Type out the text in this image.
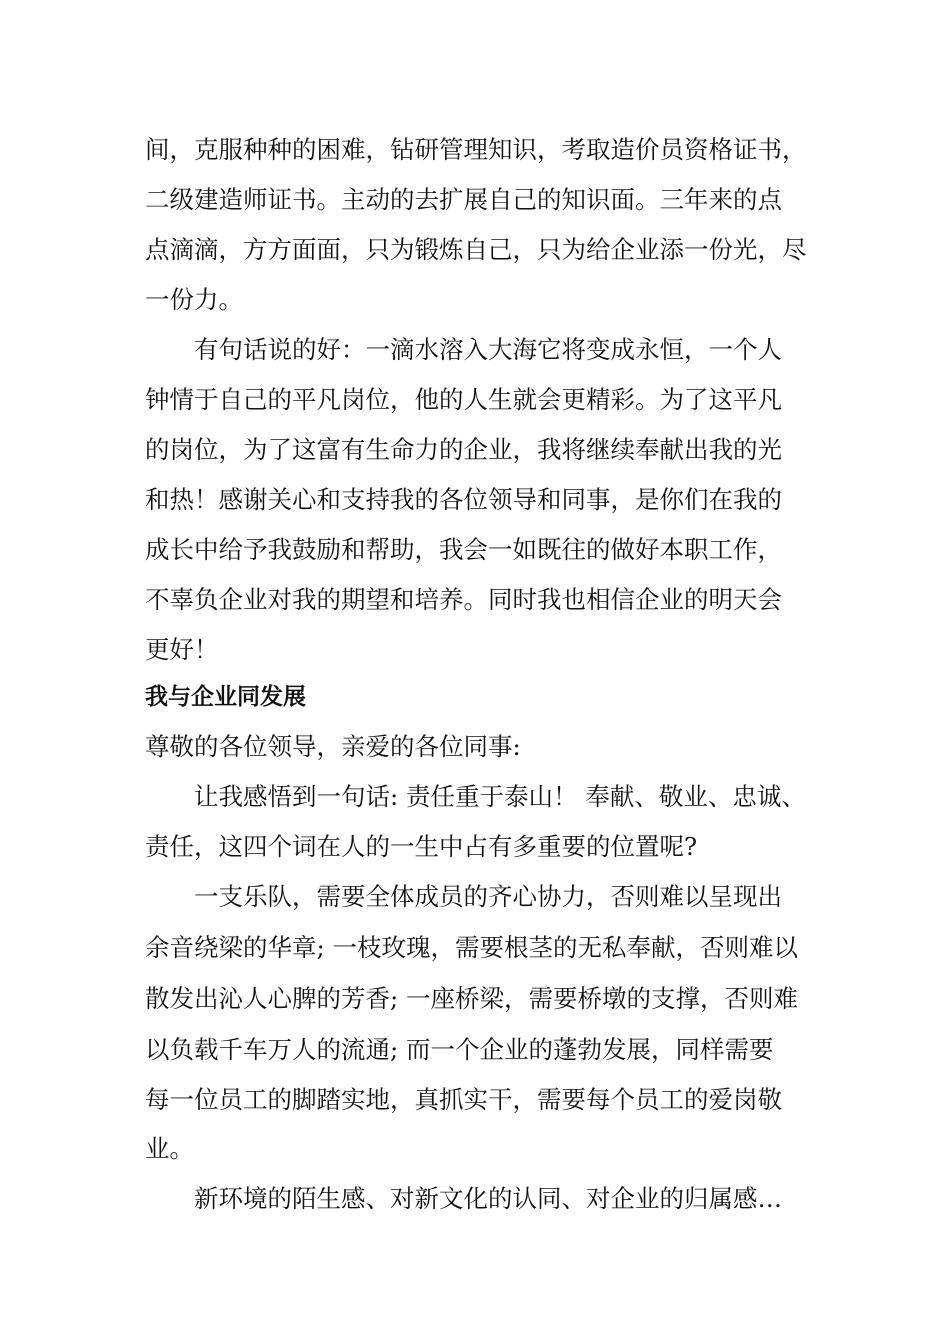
间，克服种种的困难，钻研管理知识，考取造价员资格证书，

二级建造师证书。主动的去扩展自己的知识面。三年来的点

点滴滴，方方面面，只为锻炼自己，只为给企业添一份光，尽

一份力。

有句话说的好：一滴水溶入大海它将变成永恒，一个人

钟情于自己的平凡岗位，他的人生就会更精彩。为了这平凡

的岗位，为了这富有生命力的企业，我将继续奉献出我的光

和热！感谢关心和支持我的各位领导和同事，是你们在我的

成长中给予我鼓励和帮助，我会一如既往的做好本职工作，

不辜负企业对我的期望和培养。同时我也相信企业的明天会

更好！

我与企业同发展

尊敬的各位领导，亲爱的各位同事:

让我感悟到一句话: 责任重于泰山！ 奉献、敬业、忠诚、

责任，这四个词在人的一生中占有多重要的位置呢?

一支乐队，需要全体成员的齐心协力，否则难以呈现出

余音绕梁的华章; 一枝玫瑰，需要根茎的无私奉献，否则难以

散发出沁人心脾的芳香; 一座桥梁，需要桥墩的支撑，否则难

以负载千车万人的流通; 而一个企业的蓬勃发展，同样需要

每一位员工的脚踏实地，真抓实干，需要每个员工的爱岗敬

业。

新环境的陌生感、对新文化的认同、对企业的归属感…
